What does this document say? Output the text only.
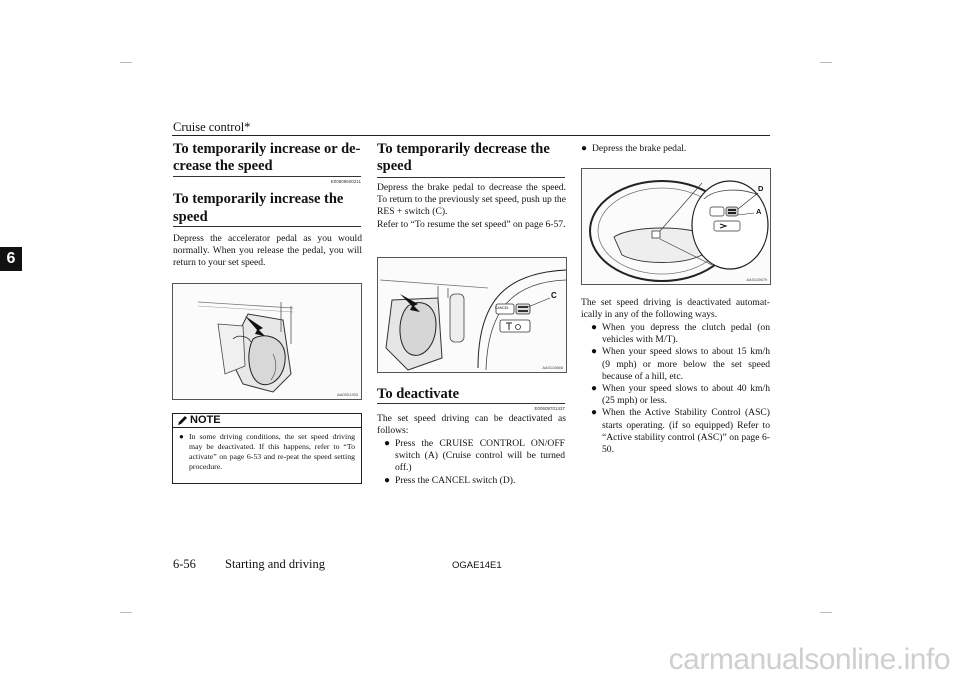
Cruise control*
6
To temporarily increase or de-crease the speed
E00609600211
To temporarily increase the speed
Depress the accelerator pedal as you would normally. When you release the pedal, you will return to your set speed.
AA0001393
NOTE
● In some driving conditions, the set speed driving may be deactivated. If this happens, refer to “To activate” on page 6-53 and re-peat the speed setting procedure.
To temporarily decrease the speed
Depress the brake pedal to decrease the speed. To return to the previously set speed, push up the RES + switch (C).
Refer to “To resume the set speed” on page 6-57.
CANCEL
C
AA0110666
To deactivate
E00609701437
The set speed driving can be deactivated as follows:
● Press the CRUISE CONTROL ON/OFF switch (A) (Cruise control will be turned off.)
● Press the CANCEL switch (D).
● Depress the brake pedal.
D
A
AA0110679
The set speed driving is deactivated automat-ically in any of the following ways.
● When you depress the clutch pedal (on vehicles with M/T).
● When your speed slows to about 15 km/h (9 mph) or more below the set speed because of a hill, etc.
● When your speed slows to about 40 km/h (25 mph) or less.
● When the Active Stability Control (ASC) starts operating. (if so equipped) Refer to “Active stability control (ASC)” on page 6-50.
6-56 Starting and driving	OGAE14E1
carmanualsonline.info
